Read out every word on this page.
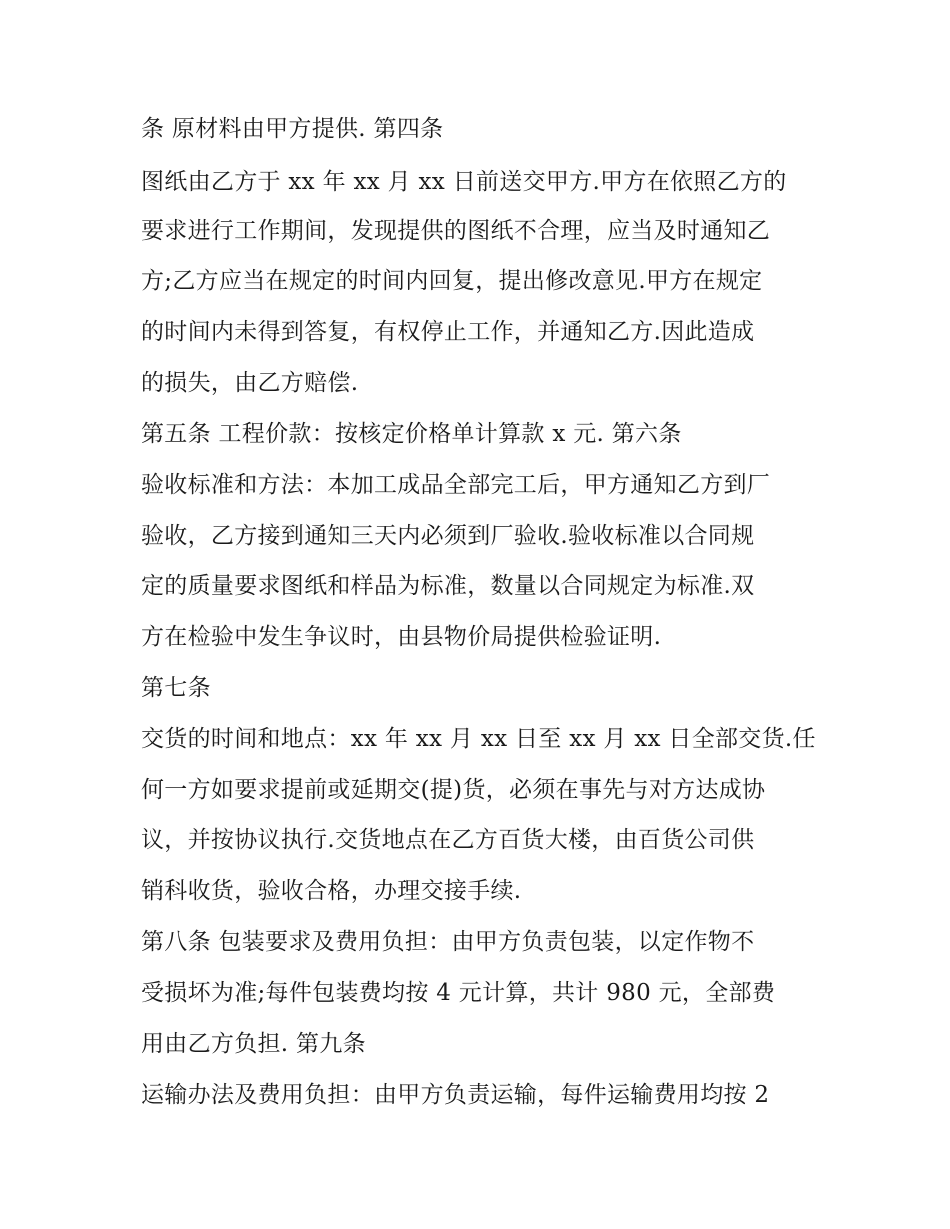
条 原材料由甲方提供. 第四条
图纸由乙方于 xx 年 xx 月 xx 日前送交甲方.甲方在依照乙方的
要求进行工作期间，发现提供的图纸不合理，应当及时通知乙
方;乙方应当在规定的时间内回复，提出修改意见.甲方在规定
的时间内未得到答复，有权停止工作，并通知乙方.因此造成
的损失，由乙方赔偿.
第五条 工程价款：按核定价格单计算款 x 元. 第六条
验收标准和方法：本加工成品全部完工后，甲方通知乙方到厂
验收，乙方接到通知三天内必须到厂验收.验收标准以合同规
定的质量要求图纸和样品为标准，数量以合同规定为标准.双
方在检验中发生争议时，由县物价局提供检验证明.
第七条
交货的时间和地点：xx 年 xx 月 xx 日至 xx 月 xx 日全部交货.任
何一方如要求提前或延期交(提)货，必须在事先与对方达成协
议，并按协议执行.交货地点在乙方百货大楼，由百货公司供
销科收货，验收合格，办理交接手续.
第八条 包装要求及费用负担：由甲方负责包装，以定作物不
受损坏为准;每件包装费均按 4 元计算，共计 980 元，全部费
用由乙方负担. 第九条
运输办法及费用负担：由甲方负责运输，每件运输费用均按 2
